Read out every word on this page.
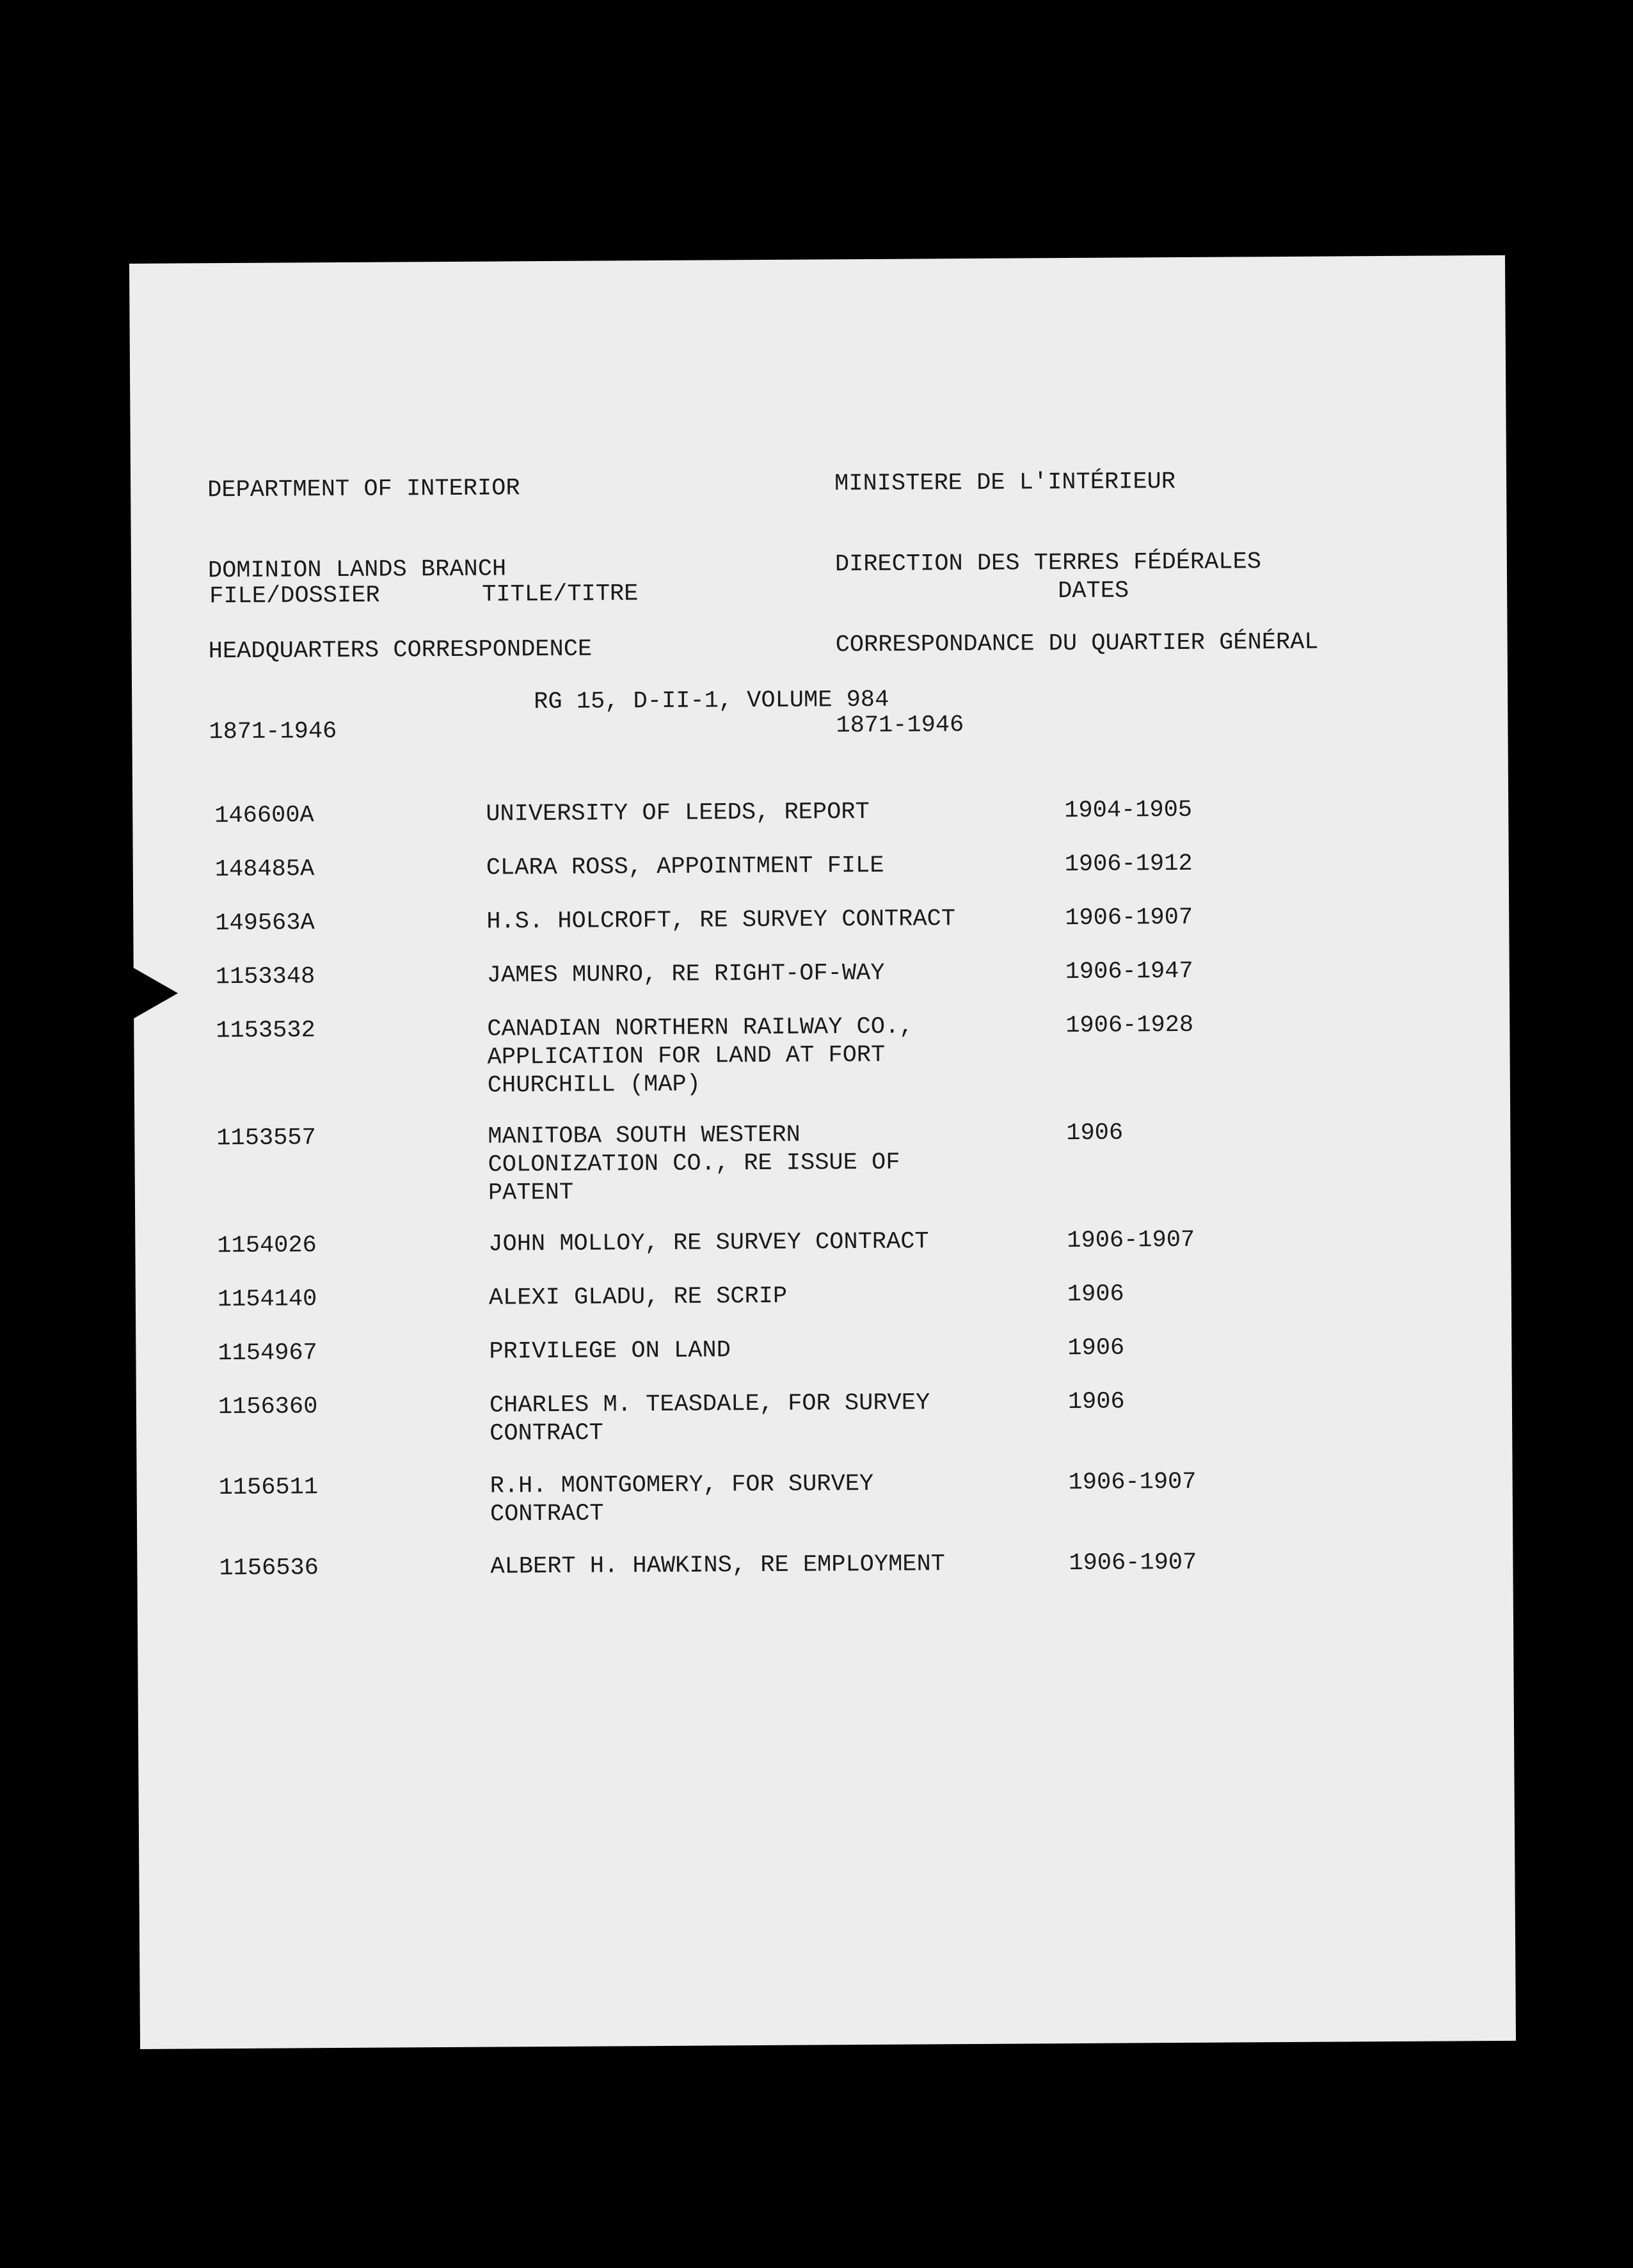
DEPARTMENT OF INTERIOR

DOMINION LANDS BRANCH

HEADQUARTERS CORRESPONDENCE

1871-1946

MINISTERE DE L'INTÉRIEUR

DIRECTION DES TERRES FÉDÉRALES

CORRESPONDANCE DU QUARTIER GÉNÉRAL

1871-1946

FILE/DOSSIER	TITLE/TITRE	DATES
RG 15, D-II-1, VOLUME 984
146600A	UNIVERSITY OF LEEDS, REPORT	1904-1905
148485A	CLARA ROSS, APPOINTMENT FILE	1906-1912
149563A	H.S. HOLCROFT, RE SURVEY CONTRACT	1906-1907
1153348	JAMES MUNRO, RE RIGHT-OF-WAY	1906-1947
1153532	CANADIAN NORTHERN RAILWAY CO.,
APPLICATION FOR LAND AT FORT
CHURCHILL (MAP)
1906-1928
1153557	MANITOBA SOUTH WESTERN
COLONIZATION CO., RE ISSUE OF
PATENT
1906
1154026	JOHN MOLLOY, RE SURVEY CONTRACT	1906-1907
1154140	ALEXI GLADU, RE SCRIP	1906
1154967	PRIVILEGE ON LAND	1906
1156360	CHARLES M. TEASDALE, FOR SURVEY
CONTRACT
1906
1156511	R.H. MONTGOMERY, FOR SURVEY
CONTRACT
1906-1907
1156536	ALBERT H. HAWKINS, RE EMPLOYMENT	1906-1907
